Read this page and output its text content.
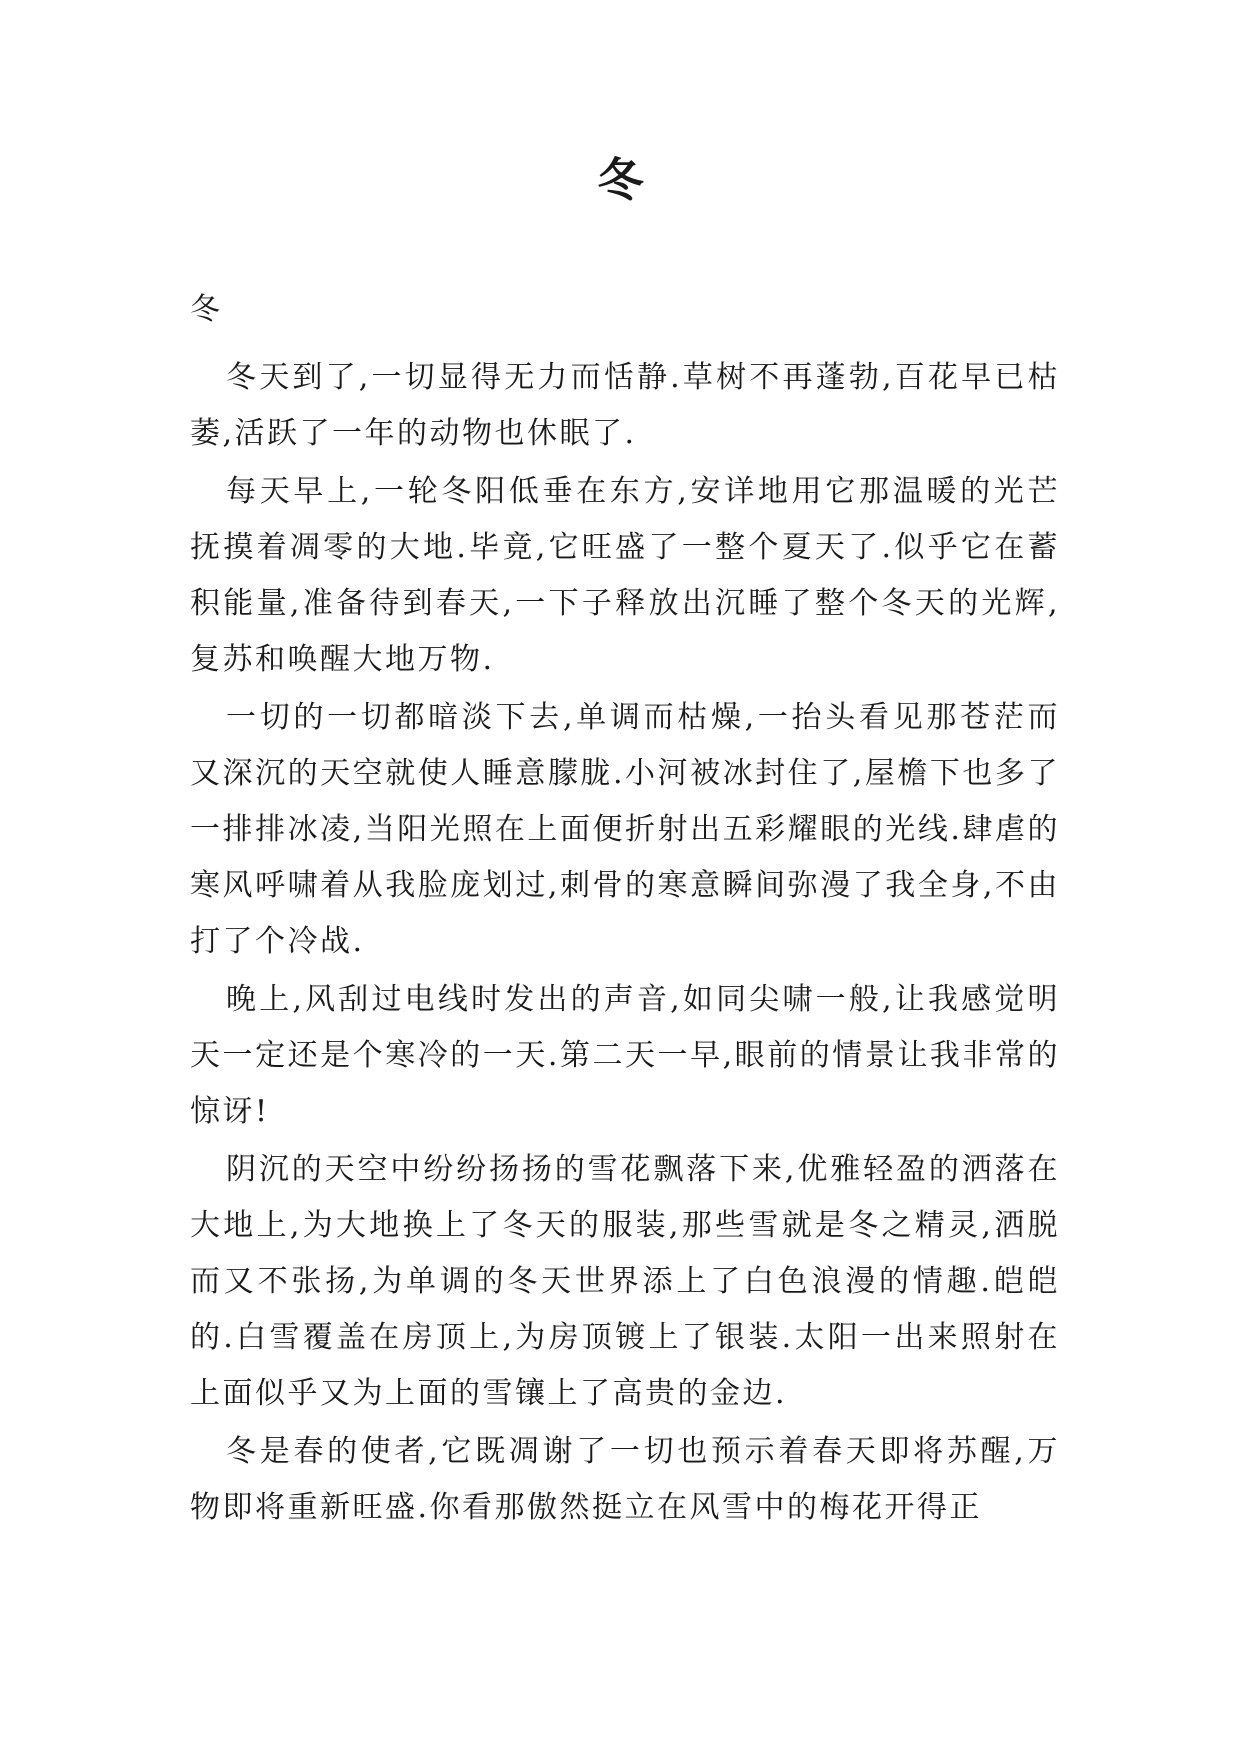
冬
冬

冬天到了,一切显得无力而恬静.草树不再蓬勃,百花早已枯萎,活跃了一年的动物也休眠了.

每天早上,一轮冬阳低垂在东方,安详地用它那温暖的光芒抚摸着凋零的大地.毕竟,它旺盛了一整个夏天了.似乎它在蓄积能量,准备待到春天,一下子释放出沉睡了整个冬天的光辉,复苏和唤醒大地万物.

一切的一切都暗淡下去,单调而枯燥,一抬头看见那苍茫而又深沉的天空就使人睡意朦胧.小河被冰封住了,屋檐下也多了一排排冰凌,当阳光照在上面便折射出五彩耀眼的光线.肆虐的寒风呼啸着从我脸庞划过,刺骨的寒意瞬间弥漫了我全身,不由打了个冷战.

晚上,风刮过电线时发出的声音,如同尖啸一般,让我感觉明天一定还是个寒冷的一天.第二天一早,眼前的情景让我非常的惊讶!

阴沉的天空中纷纷扬扬的雪花飘落下来,优雅轻盈的洒落在大地上,为大地换上了冬天的服装,那些雪就是冬之精灵,洒脱而又不张扬,为单调的冬天世界添上了白色浪漫的情趣.皑皑的.白雪覆盖在房顶上,为房顶镀上了银装.太阳一出来照射在上面似乎又为上面的雪镶上了高贵的金边.

冬是春的使者,它既凋谢了一切也预示着春天即将苏醒,万物即将重新旺盛.你看那傲然挺立在风雪中的梅花开得正
